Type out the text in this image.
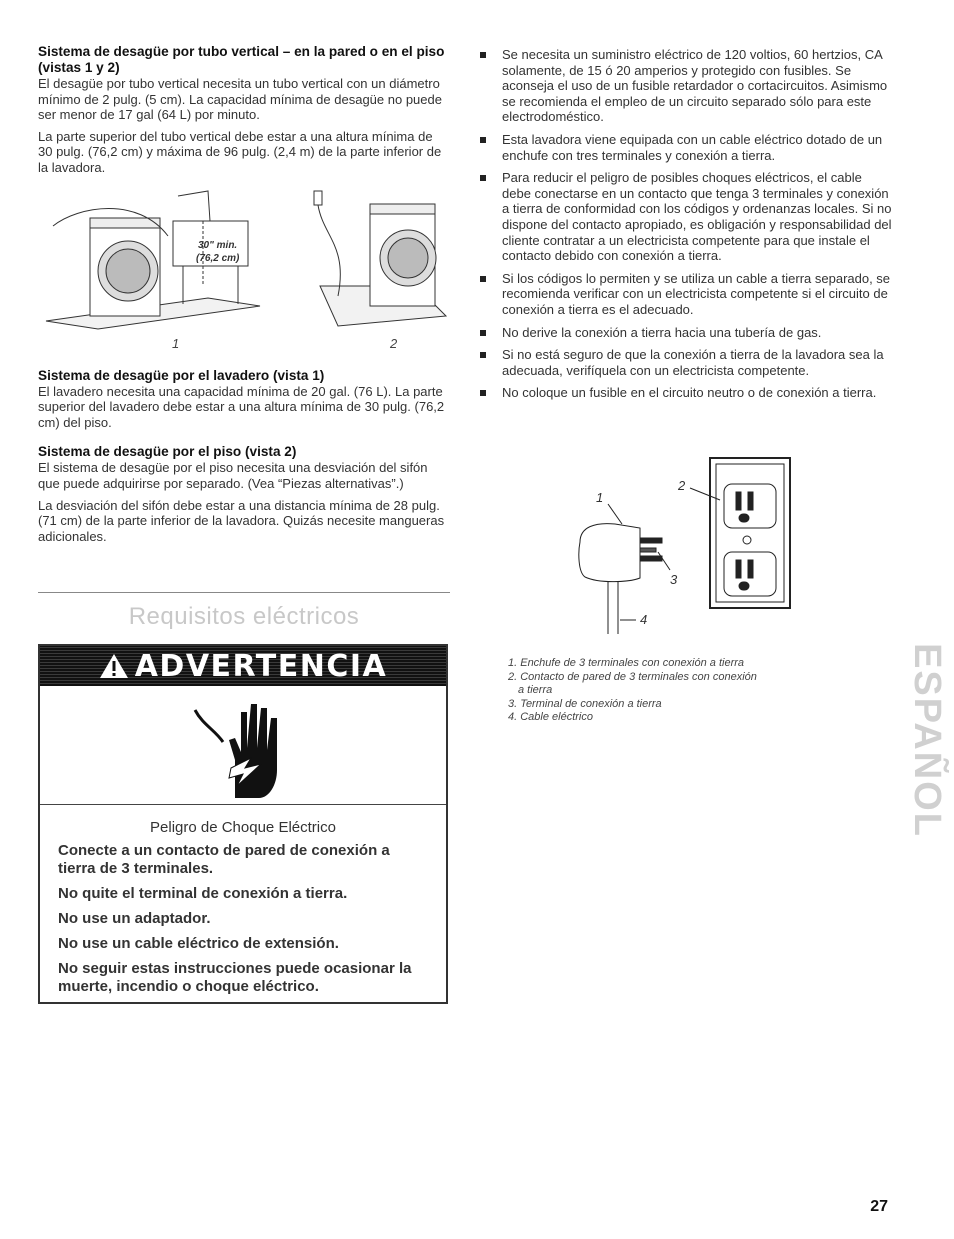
Sistema de desagüe por tubo vertical – en la pared o en el piso (vistas 1 y 2)

El desagüe por tubo vertical necesita un tubo vertical con un diámetro mínimo de 2 pulg. (5 cm). La capacidad mínima de desagüe no puede ser menor de 17 gal (64 L) por minuto.

La parte superior del tubo vertical debe estar a una altura mínima de 30 pulg. (76,2 cm) y máxima de 96 pulg. (2,4 m) de la parte inferior de la lavadora.

30" min.
(76,2 cm)
1	2
Sistema de desagüe por el lavadero (vista 1)

El lavadero necesita una capacidad mínima de 20 gal. (76 L). La parte superior del lavadero debe estar a una altura mínima de 30 pulg. (76,2 cm) del piso.

Sistema de desagüe por el piso (vista 2)

El sistema de desagüe por el piso necesita una desviación del sifón que puede adquirirse por separado. (Vea “Piezas alternativas”.)

La desviación del sifón debe estar a una distancia mínima de 28 pulg. (71 cm) de la parte inferior de la lavadora. Quizás necesite mangueras adicionales.

Requisitos eléctricos
ADVERTENCIA
Peligro de Choque Eléctrico
Conecte a un contacto de pared de conexión a tierra de 3 terminales.
No quite el terminal de conexión a tierra.
No use un adaptador.
No use un cable eléctrico de extensión.
No seguir estas instrucciones puede ocasionar la muerte, incendio o choque eléctrico.
Se necesita un suministro eléctrico de 120 voltios, 60 hertzios, CA solamente, de 15 ó 20 amperios y protegido con fusibles. Se aconseja el uso de un fusible retardador o cortacircuitos. Asimismo se recomienda el empleo de un circuito separado sólo para este electrodoméstico.
Esta lavadora viene equipada con un cable eléctrico dotado de un enchufe con tres terminales y conexión a tierra.
Para reducir el peligro de posibles choques eléctricos, el cable debe conectarse en un contacto que tenga 3 terminales y conexión a tierra de conformidad con los códigos y ordenanzas locales. Si no dispone del contacto apropiado, es obligación y responsabilidad del cliente contratar a un electricista competente para que instale el contacto debido con conexión a tierra.
Si los códigos lo permiten y se utiliza un cable a tierra separado, se recomienda verificar con un electricista competente si el circuito de conexión a tierra es el adecuado.
No derive la conexión a tierra hacia una tubería de gas.
Si no está seguro de que la conexión a tierra de la lavadora sea la adecuada, verifíquela con un electricista competente.
No coloque un fusible en el circuito neutro o de conexión a tierra.
1
2
3
4
1. Enchufe de 3 terminales con conexión a tierra
2. Contacto de pared de 3 terminales con conexión
a tierra
3. Terminal de conexión a tierra
4. Cable eléctrico	ESPAÑOL
27
